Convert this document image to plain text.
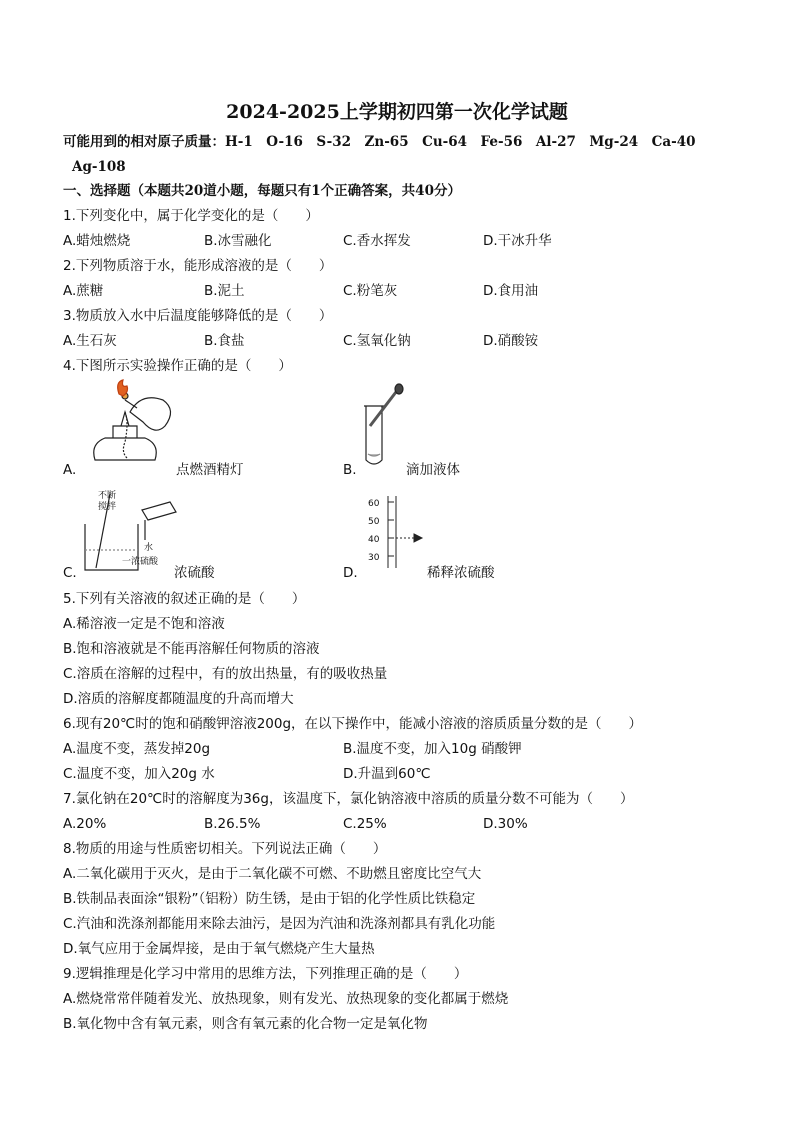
2024-2025上学期初四第一次化学试题
可能用到的相对原子质量：H-1　O-16　S-32　Zn-65　Cu-64　Fe-56　Al-27　Mg-24　Ca-40
Ag-108
一、选择题（本题共20道小题，每题只有1个正确答案，共40分）
1.下列变化中，属于化学变化的是（　　）
A.蜡烛燃烧	B.冰雪融化	C.香水挥发	D.干冰升华
2.下列物质溶于水，能形成溶液的是（　　）
A.蔗糖	B.泥土	C.粉笔灰	D.食用油
3.物质放入水中后温度能够降低的是（　　）
A.生石灰	B.食盐	C.氢氧化钠	D.硝酸铵
4.下图所示实验操作正确的是（　　）
A.	点燃酒精灯	B.	滴加液体
不断
搅拌
水
一浓硫酸
C.	浓硫酸
60
50
40
30
D.	稀释浓硫酸
5.下列有关溶液的叙述正确的是（　　）
A.稀溶液一定是不饱和溶液
B.饱和溶液就是不能再溶解任何物质的溶液
C.溶质在溶解的过程中，有的放出热量，有的吸收热量
D.溶质的溶解度都随温度的升高而增大
6.现有20℃时的饱和硝酸钾溶液200g，在以下操作中，能减小溶液的溶质质量分数的是（　　）
A.温度不变，蒸发掉20g	B.温度不变，加入10g 硝酸钾
C.温度不变，加入20g 水	D.升温到60℃
7.氯化钠在20℃时的溶解度为36g，该温度下，氯化钠溶液中溶质的质量分数不可能为（　　）
A.20%	B.26.5%	C.25%	D.30%
8.物质的用途与性质密切相关。下列说法正确（　　）
A.二氧化碳用于灭火，是由于二氧化碳不可燃、不助燃且密度比空气大
B.铁制品表面涂“银粉”（铝粉）防生锈，是由于铝的化学性质比铁稳定
C.汽油和洗涤剂都能用来除去油污，是因为汽油和洗涤剂都具有乳化功能
D.氧气应用于金属焊接，是由于氧气燃烧产生大量热
9.逻辑推理是化学习中常用的思维方法，下列推理正确的是（　　）
A.燃烧常常伴随着发光、放热现象，则有发光、放热现象的变化都属于燃烧
B.氧化物中含有氧元素，则含有氧元素的化合物一定是氧化物
